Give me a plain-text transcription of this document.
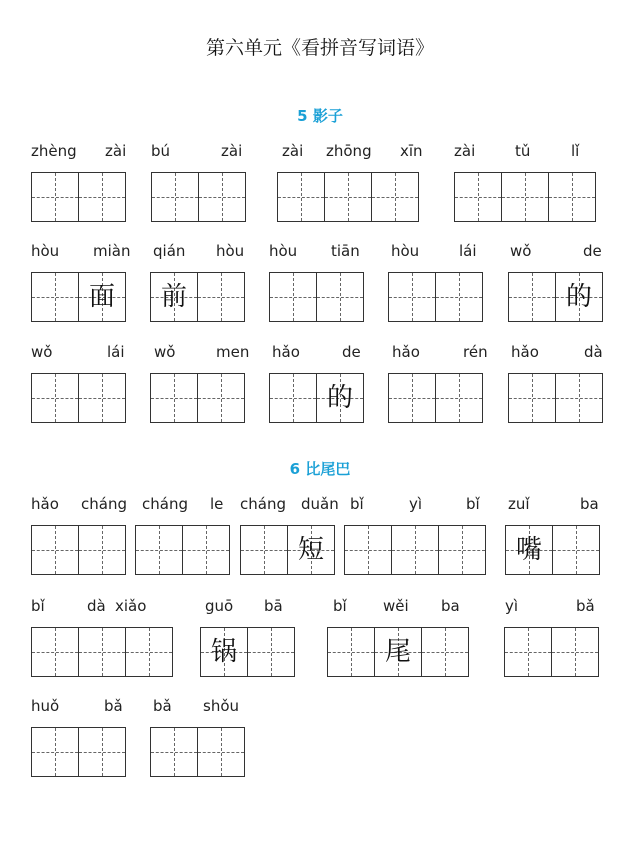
第六单元《看拼音写词语》
5 影子
6 比尾巴
zhèng zài bú	zài	zài zhōng xīn zài	tǔ	lǐ
hòu miàn
面
qián hòu
前
hòu tiān hòu	lái wǒ	de
的
wǒ	lái wǒ	men hǎo	de
的
hǎo	rén hǎo	dà
hǎo cháng cháng le cháng duǎn
短
bǐ	yì	bǐ zuǐ	ba
嘴
bǐ	dà xiǎo	guō bā
锅
bǐ wěi ba
尾
yì	bǎ
huǒ	bǎ bǎ shǒu
